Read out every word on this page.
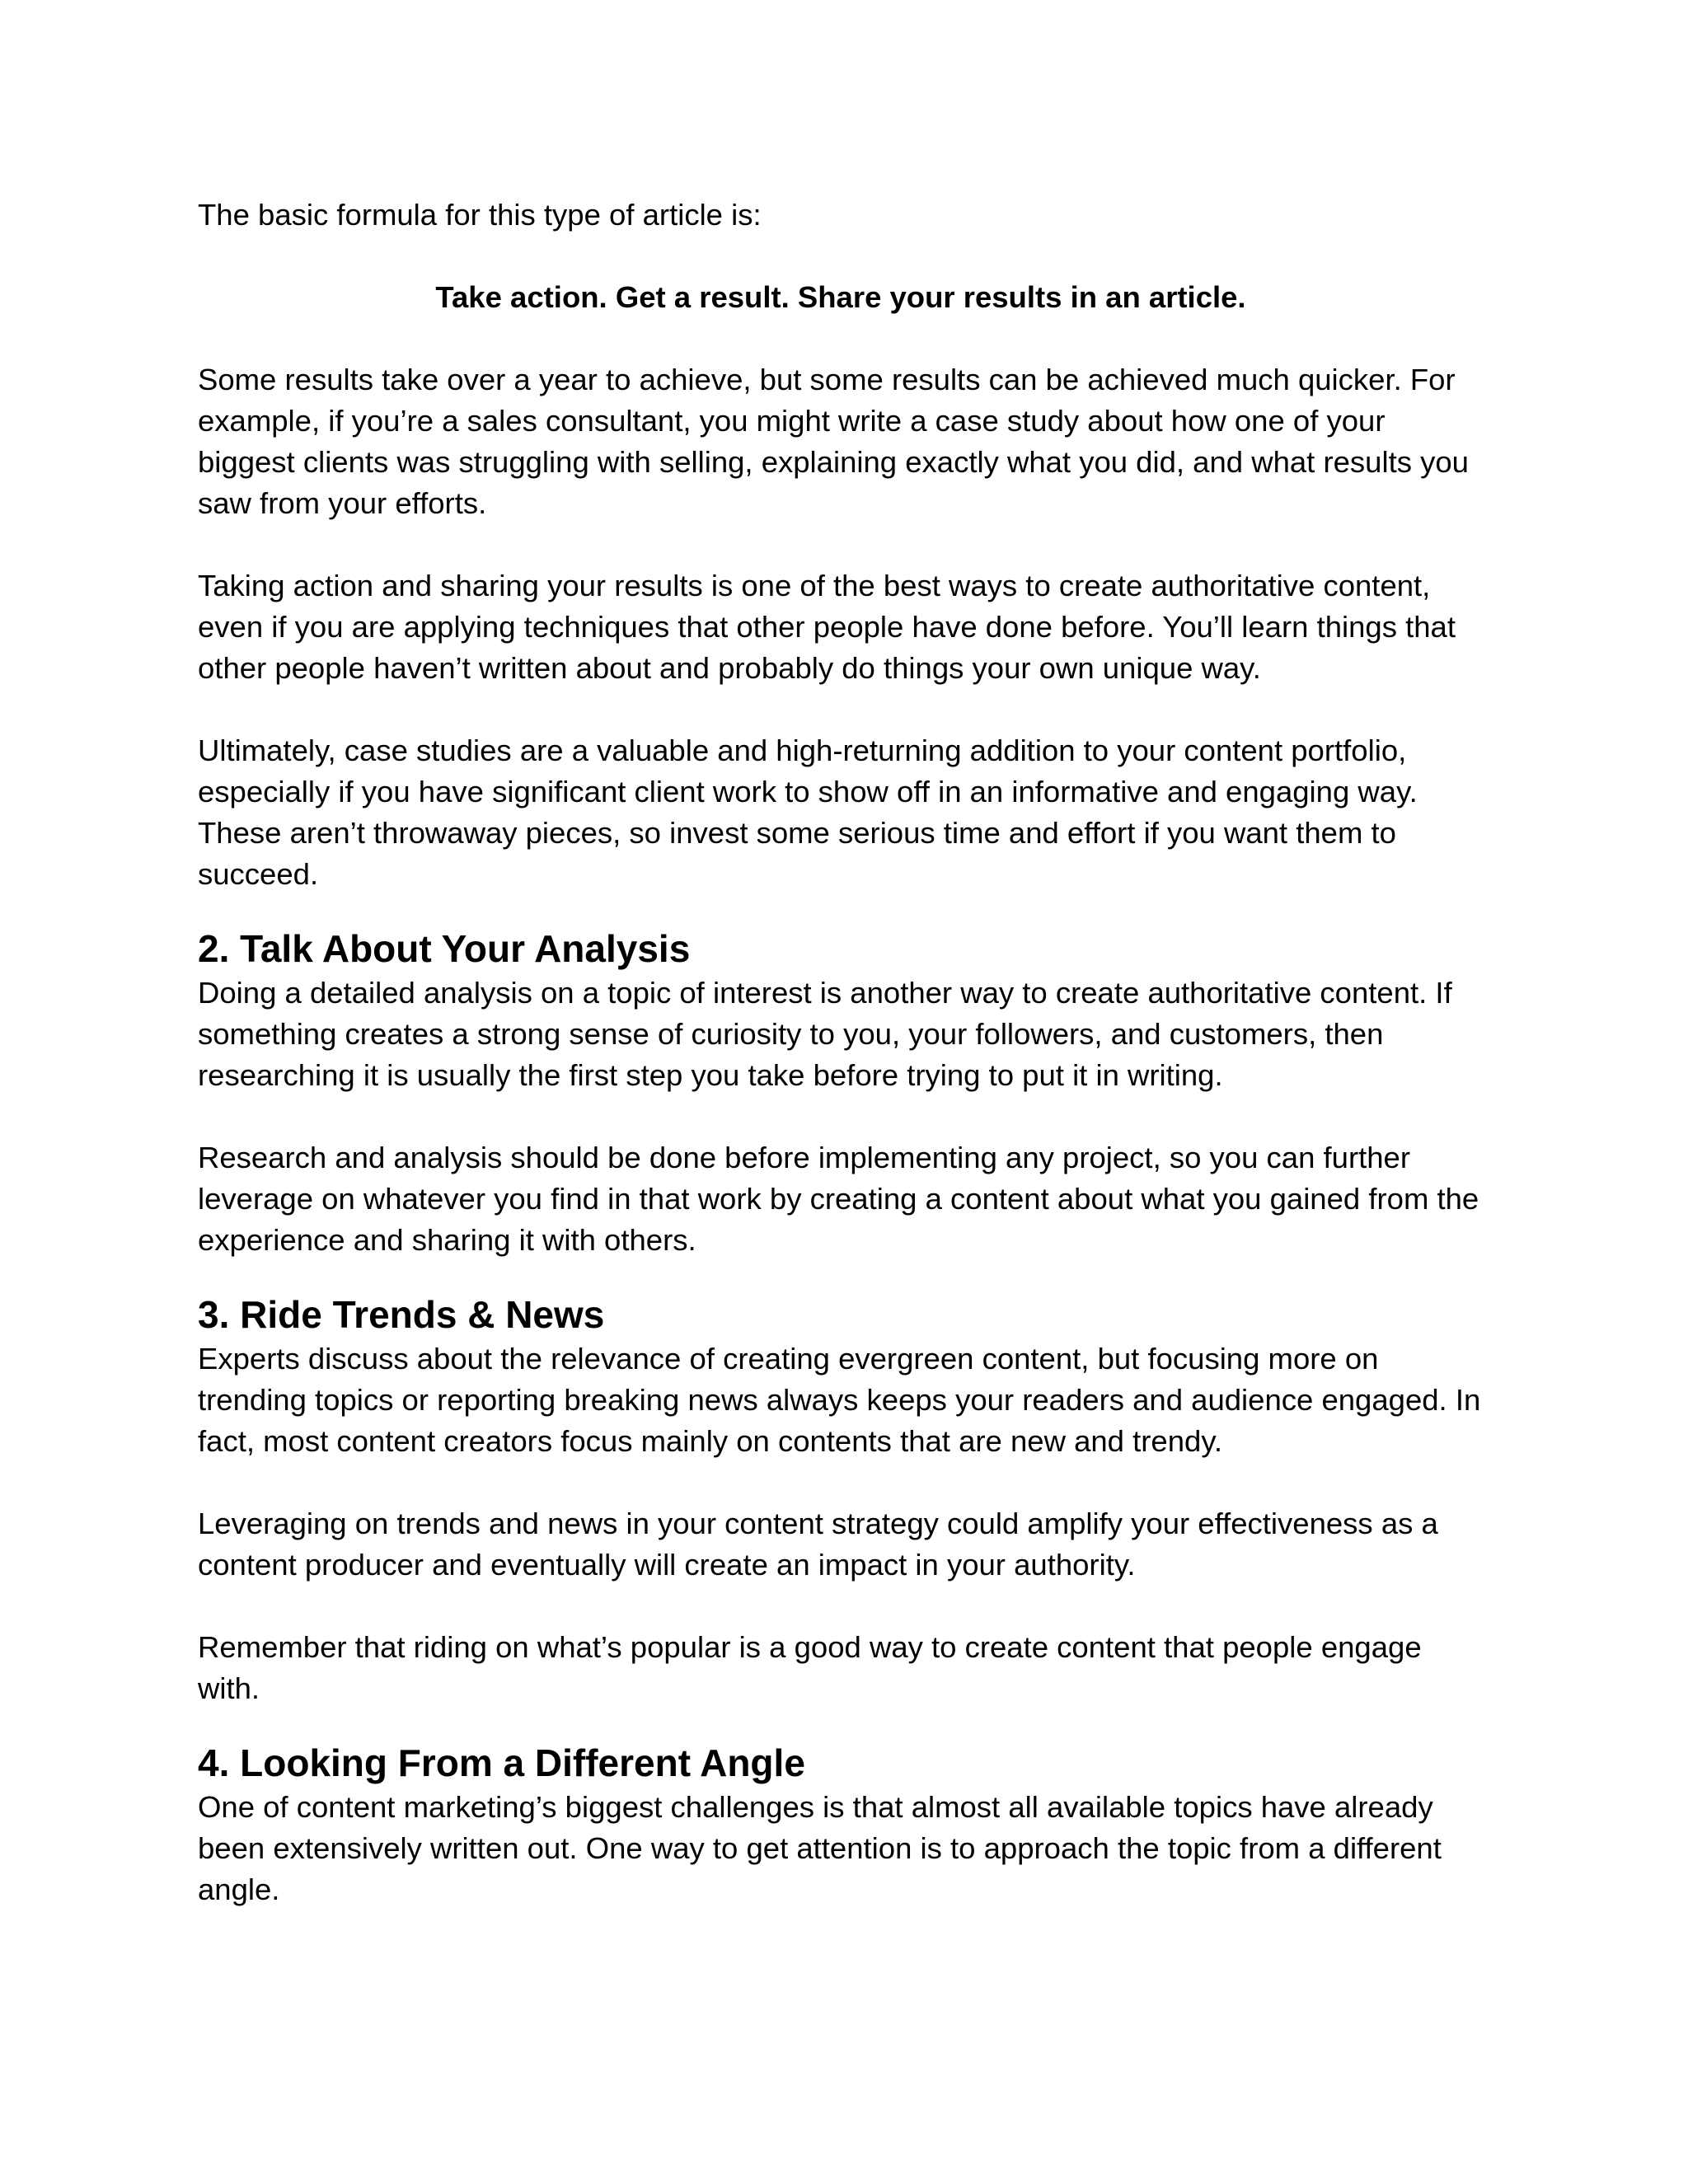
The basic formula for this type of article is:

Take action. Get a result. Share your results in an article.

Some results take over a year to achieve, but some results can be achieved much quicker. For example, if you’re a sales consultant, you might write a case study about how one of your biggest clients was struggling with selling, explaining exactly what you did, and what results you saw from your efforts.

Taking action and sharing your results is one of the best ways to create authoritative content, even if you are applying techniques that other people have done before. You’ll learn things that other people haven’t written about and probably do things your own unique way.

Ultimately, case studies are a valuable and high-returning addition to your content portfolio, especially if you have significant client work to show off in an informative and engaging way. These aren’t throwaway pieces, so invest some serious time and effort if you want them to succeed.

2. Talk About Your Analysis

Doing a detailed analysis on a topic of interest is another way to create authoritative content. If something creates a strong sense of curiosity to you, your followers, and customers, then researching it is usually the first step you take before trying to put it in writing.

Research and analysis should be done before implementing any project, so you can further leverage on whatever you find in that work by creating a content about what you gained from the experience and sharing it with others.

3. Ride Trends & News

Experts discuss about the relevance of creating evergreen content, but focusing more on trending topics or reporting breaking news always keeps your readers and audience engaged. In fact, most content creators focus mainly on contents that are new and trendy.

Leveraging on trends and news in your content strategy could amplify your effectiveness as a content producer and eventually will create an impact in your authority.

Remember that riding on what’s popular is a good way to create content that people engage with.

4. Looking From a Different Angle

One of content marketing’s biggest challenges is that almost all available topics have already been extensively written out. One way to get attention is to approach the topic from a different angle.
